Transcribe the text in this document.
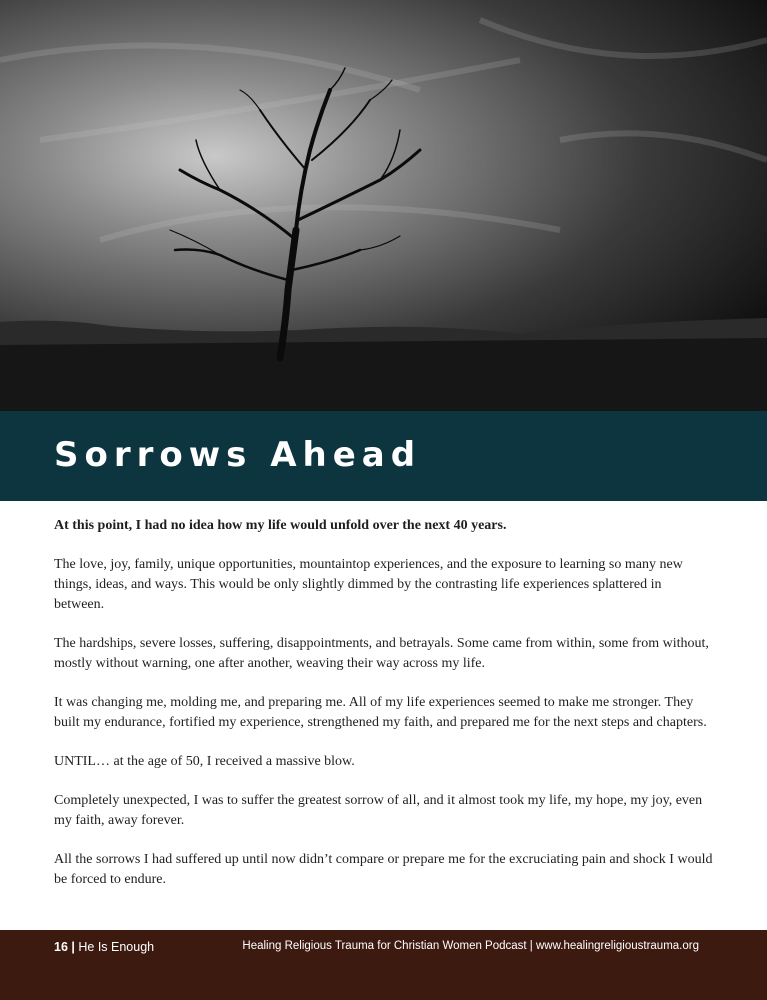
Sorrows Ahead

At this point, I had no idea how my life would unfold over the next 40 years.

The love, joy, family, unique opportunities, mountaintop experiences, and the exposure to learning so many new things, ideas, and ways. This would be only slightly dimmed by the contrasting life experiences splattered in between.

The hardships, severe losses, suffering, disappointments, and betrayals. Some came from within, some from without, mostly without warning, one after another, weaving their way across my life.

It was changing me, molding me, and preparing me. All of my life experiences seemed to make me stronger. They built my endurance, fortified my experience, strengthened my faith, and prepared me for the next steps and chapters.

UNTIL… at the age of 50, I received a massive blow.

Completely unexpected, I was to suffer the greatest sorrow of all, and it almost took my life, my hope, my joy, even my faith, away forever.

All the sorrows I had suffered up until now didn’t compare or prepare me for the excruciating pain and shock I would be forced to endure.

16 | He Is Enough	Healing Religious Trauma for Christian Women Podcast | www.healingreligioustrauma.org
